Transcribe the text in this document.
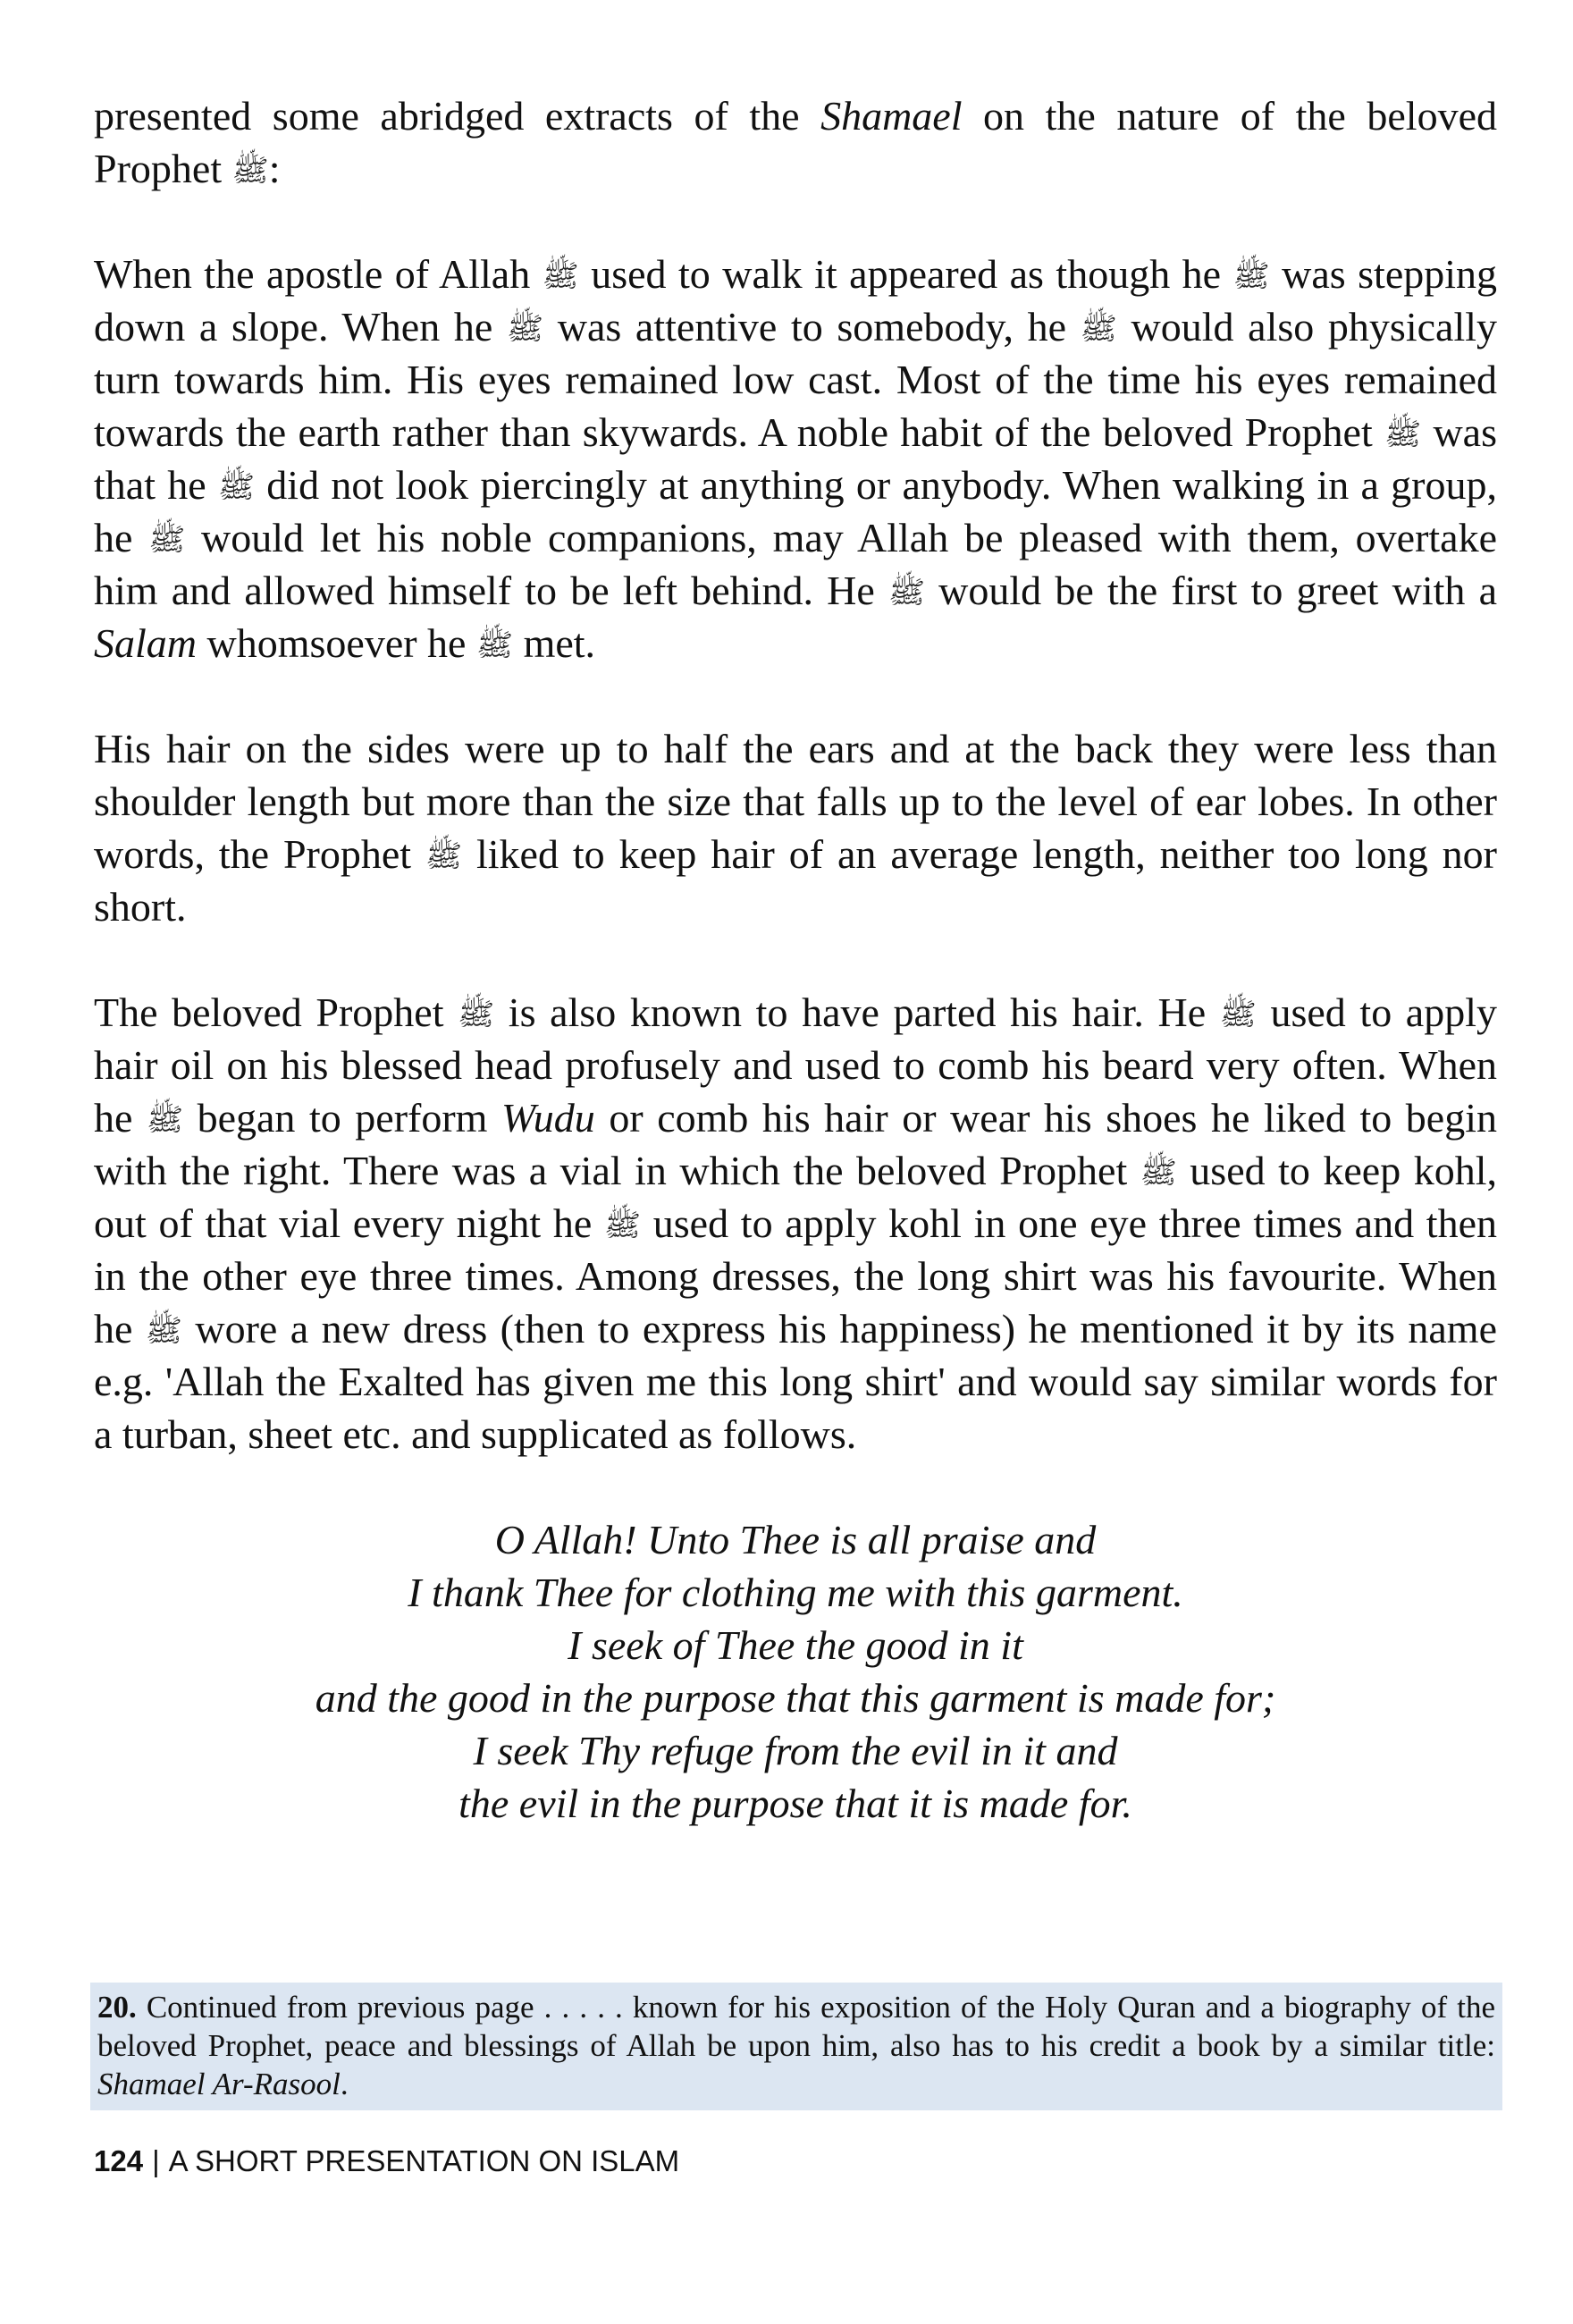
presented some abridged extracts of the Shamael on the nature of the beloved Prophet ﷺ:

When the apostle of Allah ﷺ used to walk it appeared as though he ﷺ was stepping down a slope. When he ﷺ was attentive to somebody, he ﷺ would also physically turn towards him. His eyes remained low cast. Most of the time his eyes remained towards the earth rather than skywards. A noble habit of the beloved Prophet ﷺ was that he ﷺ did not look piercingly at anything or anybody. When walking in a group, he ﷺ would let his noble companions, may Allah be pleased with them, overtake him and allowed himself to be left behind. He ﷺ would be the first to greet with a Salam whomsoever he ﷺ met.

His hair on the sides were up to half the ears and at the back they were less than shoulder length but more than the size that falls up to the level of ear lobes. In other words, the Prophet ﷺ liked to keep hair of an average length, neither too long nor short.

The beloved Prophet ﷺ is also known to have parted his hair. He ﷺ used to apply hair oil on his blessed head profusely and used to comb his beard very often. When he ﷺ began to perform Wudu or comb his hair or wear his shoes he liked to begin with the right. There was a vial in which the beloved Prophet ﷺ used to keep kohl, out of that vial every night he ﷺ used to apply kohl in one eye three times and then in the other eye three times. Among dresses, the long shirt was his favourite. When he ﷺ wore a new dress (then to express his happiness) he mentioned it by its name e.g. 'Allah the Exalted has given me this long shirt' and would say similar words for a turban, sheet etc. and supplicated as follows.

O Allah! Unto Thee is all praise and
I thank Thee for clothing me with this garment.
I seek of Thee the good in it
and the good in the purpose that this garment is made for;
I seek Thy refuge from the evil in it and
the evil in the purpose that it is made for.
20. Continued from previous page . . . . . known for his exposition of the Holy Quran and a biography of the beloved Prophet, peace and blessings of Allah be upon him, also has to his credit a book by a similar title: Shamael Ar-Rasool.
124 | A SHORT PRESENTATION ON ISLAM
